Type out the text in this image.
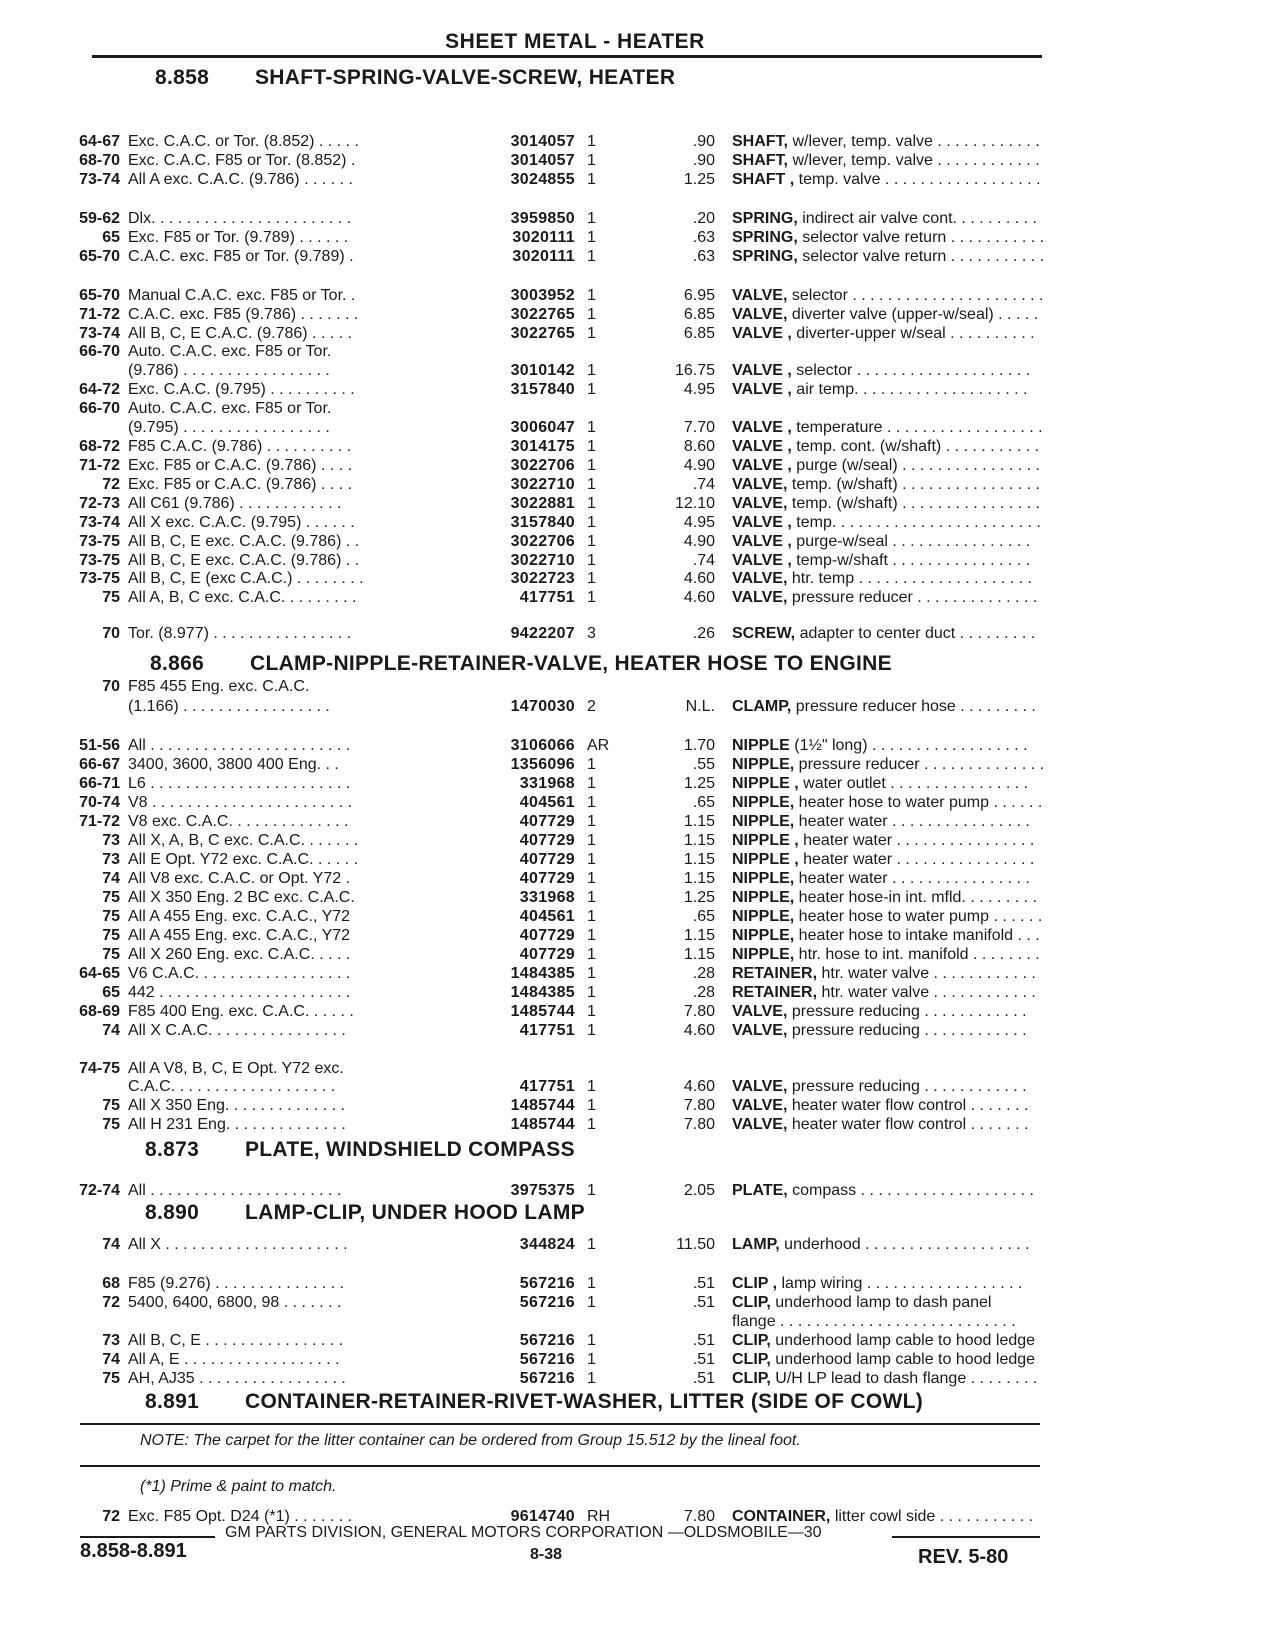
SHEET METAL - HEATER
8.858 SHAFT-SPRING-VALVE-SCREW, HEATER
64-67 Exc. C.A.C. or Tor. (8.852) . . . . .	3014057 1	.90 SHAFT, w/lever, temp. valve . . . . . . . . . . . .
68-70 Exc. C.A.C. F85 or Tor. (8.852) .	3014057 1	.90 SHAFT, w/lever, temp. valve . . . . . . . . . . . .
73-74 All A exc. C.A.C. (9.786) . . . . . .	3024855 1	1.25 SHAFT , temp. valve . . . . . . . . . . . . . . . . . .
59-62 Dlx. . . . . . . . . . . . . . . . . . . . . . .	3959850 1	.20 SPRING, indirect air valve cont. . . . . . . . . .
65 Exc. F85 or Tor. (9.789) . . . . . .	3020111 1	.63 SPRING, selector valve return . . . . . . . . . . .
65-70 C.A.C. exc. F85 or Tor. (9.789) .	3020111 1	.63 SPRING, selector valve return . . . . . . . . . . .
65-70 Manual C.A.C. exc. F85 or Tor. .	3003952 1	6.95 VALVE, selector . . . . . . . . . . . . . . . . . . . . . .
71-72 C.A.C. exc. F85 (9.786) . . . . . . .	3022765 1	6.85 VALVE, diverter valve (upper-w/seal) . . . . .
73-74 All B, C, E C.A.C. (9.786) . . . . .	3022765 1	6.85 VALVE , diverter-upper w/seal . . . . . . . . . .
66-70 Auto. C.A.C. exc. F85 or Tor.
(9.786) . . . . . . . . . . . . . . . . .	3010142 1	16.75 VALVE , selector . . . . . . . . . . . . . . . . . . . .
64-72 Exc. C.A.C. (9.795) . . . . . . . . . .	3157840 1	4.95 VALVE , air temp. . . . . . . . . . . . . . . . . . . .
66-70 Auto. C.A.C. exc. F85 or Tor.
(9.795) . . . . . . . . . . . . . . . . .	3006047 1	7.70 VALVE , temperature . . . . . . . . . . . . . . . . . .
68-72 F85 C.A.C. (9.786) . . . . . . . . . .	3014175 1	8.60 VALVE , temp. cont. (w/shaft) . . . . . . . . . . .
71-72 Exc. F85 or C.A.C. (9.786) . . . .	3022706 1	4.90 VALVE , purge (w/seal) . . . . . . . . . . . . . . . .
72 Exc. F85 or C.A.C. (9.786) . . . .	3022710 1	.74 VALVE, temp. (w/shaft) . . . . . . . . . . . . . . . .
72-73 All C61 (9.786) . . . . . . . . . . . .	3022881 1	12.10 VALVE, temp. (w/shaft) . . . . . . . . . . . . . . . .
73-74 All X exc. C.A.C. (9.795) . . . . . .	3157840 1	4.95 VALVE , temp. . . . . . . . . . . . . . . . . . . . . . . .
73-75 All B, C, E exc. C.A.C. (9.786) . .	3022706 1	4.90 VALVE , purge-w/seal . . . . . . . . . . . . . . . .
73-75 All B, C, E exc. C.A.C. (9.786) . .	3022710 1	.74 VALVE , temp-w/shaft . . . . . . . . . . . . . . . .
73-75 All B, C, E (exc C.A.C.) . . . . . . . .	3022723 1	4.60 VALVE, htr. temp . . . . . . . . . . . . . . . . . . . .
75 All A, B, C exc. C.A.C. . . . . . . . .	417751 1	4.60 VALVE, pressure reducer . . . . . . . . . . . . . .
70 Tor. (8.977) . . . . . . . . . . . . . . . .	9422207 3	.26 SCREW, adapter to center duct . . . . . . . . .
8.866 CLAMP-NIPPLE-RETAINER-VALVE, HEATER HOSE TO ENGINE
70 F85 455 Eng. exc. C.A.C.
(1.166) . . . . . . . . . . . . . . . . .	1470030 2	N.L. CLAMP, pressure reducer hose . . . . . . . . .
51-56 All . . . . . . . . . . . . . . . . . . . . . . .	3106066 AR	1.70 NIPPLE (1½" long) . . . . . . . . . . . . . . . . . .
66-67 3400, 3600, 3800 400 Eng. . .	1356096 1	.55 NIPPLE, pressure reducer . . . . . . . . . . . . . .
66-71 L6 . . . . . . . . . . . . . . . . . . . . . . .	331968 1	1.25 NIPPLE , water outlet . . . . . . . . . . . . . . . .
70-74 V8 . . . . . . . . . . . . . . . . . . . . . . .	404561 1	.65 NIPPLE, heater hose to water pump . . . . . .
71-72 V8 exc. C.A.C. . . . . . . . . . . . . .	407729 1	1.15 NIPPLE, heater water . . . . . . . . . . . . . . . .
73 All X, A, B, C exc. C.A.C. . . . . . .	407729 1	1.15 NIPPLE , heater water . . . . . . . . . . . . . . . .
73 All E Opt. Y72 exc. C.A.C. . . . . .	407729 1	1.15 NIPPLE , heater water . . . . . . . . . . . . . . . .
74 All V8 exc. C.A.C. or Opt. Y72 .	407729 1	1.15 NIPPLE, heater water . . . . . . . . . . . . . . . .
75 All X 350 Eng. 2 BC exc. C.A.C.	331968 1	1.25 NIPPLE, heater hose-in int. mfld. . . . . . . . .
75 All A 455 Eng. exc. C.A.C., Y72	404561 1	.65 NIPPLE, heater hose to water pump . . . . . .
75 All A 455 Eng. exc. C.A.C., Y72	407729 1	1.15 NIPPLE, heater hose to intake manifold . . .
75 All X 260 Eng. exc. C.A.C. . . . .	407729 1	1.15 NIPPLE, htr. hose to int. manifold . . . . . . . .
64-65 V6 C.A.C. . . . . . . . . . . . . . . . . .	1484385 1	.28 RETAINER, htr. water valve . . . . . . . . . . . .
65 442 . . . . . . . . . . . . . . . . . . . . . .	1484385 1	.28 RETAINER, htr. water valve . . . . . . . . . . . .
68-69 F85 400 Eng. exc. C.A.C. . . . . .	1485744 1	7.80 VALVE, pressure reducing . . . . . . . . . . . .
74 All X C.A.C. . . . . . . . . . . . . . . .	417751 1	4.60 VALVE, pressure reducing . . . . . . . . . . . .
74-75 All A V8, B, C, E Opt. Y72 exc.
C.A.C. . . . . . . . . . . . . . . . . . .	417751 1	4.60 VALVE, pressure reducing . . . . . . . . . . . .
75 All X 350 Eng. . . . . . . . . . . . . .	1485744 1	7.80 VALVE, heater water flow control . . . . . . .
75 All H 231 Eng. . . . . . . . . . . . . .	1485744 1	7.80 VALVE, heater water flow control . . . . . . .
8.873 PLATE, WINDSHIELD COMPASS
72-74 All . . . . . . . . . . . . . . . . . . . . . .	3975375 1	2.05 PLATE, compass . . . . . . . . . . . . . . . . . . . .
8.890 LAMP-CLIP, UNDER HOOD LAMP
74 All X . . . . . . . . . . . . . . . . . . . . .	344824 1	11.50 LAMP, underhood . . . . . . . . . . . . . . . . . . .
68 F85 (9.276) . . . . . . . . . . . . . . .	567216 1	.51 CLIP , lamp wiring . . . . . . . . . . . . . . . . . .
72 5400, 6400, 6800, 98 . . . . . . .	567216 1	.51 CLIP, underhood lamp to dash panel
flange . . . . . . . . . . . . . . . . . . . . . . . . . . .
73 All B, C, E . . . . . . . . . . . . . . . .	567216 1	.51 CLIP, underhood lamp cable to hood ledge
74 All A, E . . . . . . . . . . . . . . . . . .	567216 1	.51 CLIP, underhood lamp cable to hood ledge
75 AH, AJ35 . . . . . . . . . . . . . . . . .	567216 1	.51 CLIP, U/H LP lead to dash flange . . . . . . . .
8.891 CONTAINER-RETAINER-RIVET-WASHER, LITTER (SIDE OF COWL)
NOTE: The carpet for the litter container can be ordered from Group 15.512 by the lineal foot.
(*1) Prime & paint to match.
72 Exc. F85 Opt. D24 (*1) . . . . . . .	9614740 RH	7.80 CONTAINER, litter cowl side . . . . . . . . . . .
GM PARTS DIVISION, GENERAL MOTORS CORPORATION —OLDSMOBILE—30
8.858-8.891	8-38	REV. 5-80
